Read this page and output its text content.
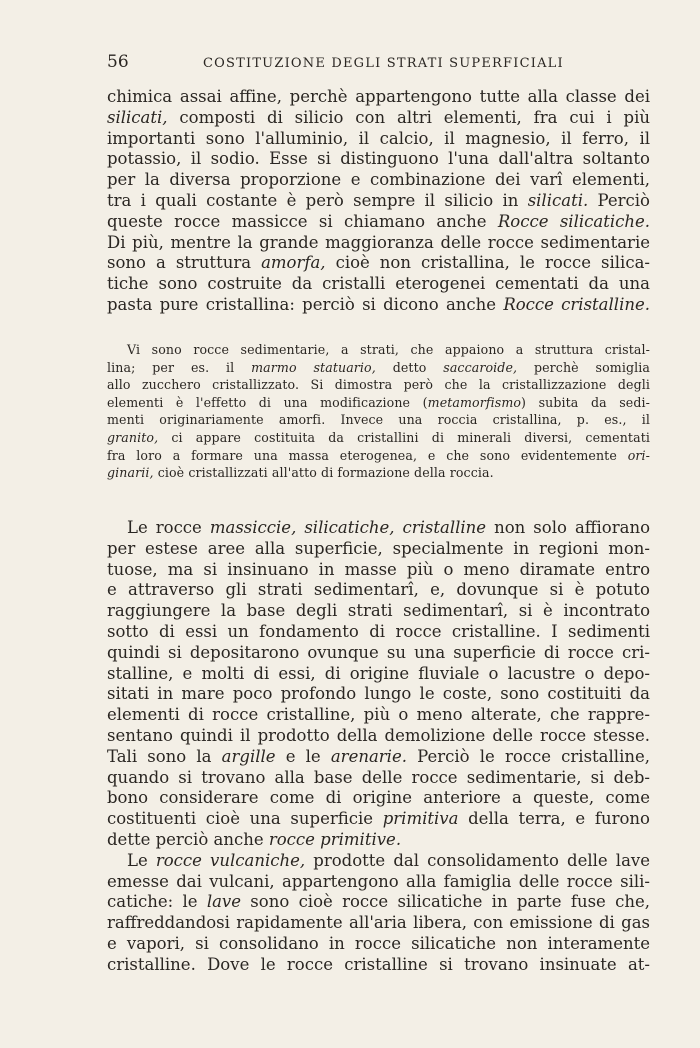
56	COSTITUZIONE DEGLI STRATI SUPERFICIALI
chimica assai affine, perchè appartengono tutte alla classe dei
silicati, composti di silicio con altri elementi, fra cui i più
importanti sono l'alluminio, il calcio, il magnesio, il ferro, il
potassio, il sodio. Esse si distinguono l'una dall'altra soltanto
per la diversa proporzione e combinazione dei varî elementi,
tra i quali costante è però sempre il silicio in silicati. Perciò
queste rocce massicce si chiamano anche Rocce silicatiche.
Di più, mentre la grande maggioranza delle rocce sedimentarie
sono a struttura amorfa, cioè non cristallina, le rocce silica-
tiche sono costruite da cristalli eterogenei cementati da una
pasta pure cristallina: perciò si dicono anche Rocce cristalline.
Vi sono rocce sedimentarie, a strati, che appaiono a struttura cristal-
lina; per es. il marmo statuario, detto saccaroide, perchè somiglia
allo zucchero cristallizzato. Si dimostra però che la cristallizzazione degli
elementi è l'effetto di una modificazione (metamorfismo) subita da sedi-
menti originariamente amorfi. Invece una roccia cristallina, p. es., il
granito, ci appare costituita da cristallini di minerali diversi, cementati
fra loro a formare una massa eterogenea, e che sono evidentemente ori-
ginarii, cioè cristallizzati all'atto di formazione della roccia.
Le rocce massiccie, silicatiche, cristalline non solo affiorano
per estese aree alla superficie, specialmente in regioni mon-
tuose, ma si insinuano in masse più o meno diramate entro
e attraverso gli strati sedimentarî, e, dovunque si è potuto
raggiungere la base degli strati sedimentarî, si è incontrato
sotto di essi un fondamento di rocce cristalline. I sedimenti
quindi si depositarono ovunque su una superficie di rocce cri-
stalline, e molti di essi, di origine fluviale o lacustre o depo-
sitati in mare poco profondo lungo le coste, sono costituiti da
elementi di rocce cristalline, più o meno alterate, che rappre-
sentano quindi il prodotto della demolizione delle rocce stesse.
Tali sono la argille e le arenarie. Perciò le rocce cristalline,
quando si trovano alla base delle rocce sedimentarie, si deb-
bono considerare come di origine anteriore a queste, come
costituenti cioè una superficie primitiva della terra, e furono
dette perciò anche rocce primitive.
Le rocce vulcaniche, prodotte dal consolidamento delle lave
emesse dai vulcani, appartengono alla famiglia delle rocce sili-
catiche: le lave sono cioè rocce silicatiche in parte fuse che,
raffreddandosi rapidamente all'aria libera, con emissione di gas
e vapori, si consolidano in rocce silicatiche non interamente
cristalline. Dove le rocce cristalline si trovano insinuate at-
